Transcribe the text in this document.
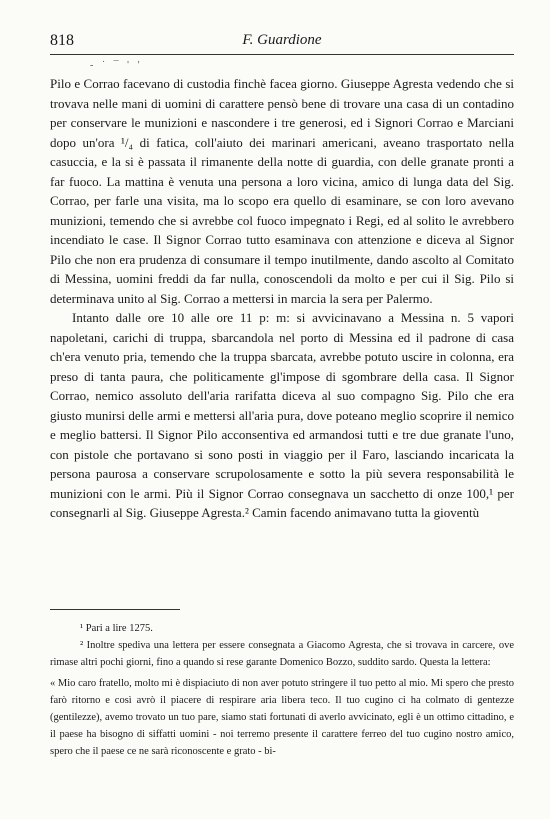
818	F. Guardione
- ˙ ¯ ' ʹ

Pilo e Corrao facevano di custodia finchè facea giorno. Giuseppe Agresta vedendo che si trovava nelle mani di uomini di carattere pensò bene di trovare una casa di un contadino per conservare le munizioni e nascondere i tre generosi, ed i Signori Corrao e Marciani dopo un'ora ¹/₄ di fatica, coll'aiuto dei marinari americani, aveano trasportato nella casuccia, e la si è passata il rimanente della notte di guardia, con delle granate pronti a far fuoco. La mattina è venuta una persona a loro vicina, amico di lunga data del Sig. Corrao, per farle una visita, ma lo scopo era quello di esaminare, se con loro avevano munizioni, temendo che si avrebbe col fuoco impegnato i Regi, ed al solito le avrebbero incendiato le case. Il Signor Corrao tutto esaminava con attenzione e diceva al Signor Pilo che non era prudenza di consumare il tempo inutilmente, dando ascolto al Comitato di Messina, uomini freddi da far nulla, conoscendoli da molto e per cui il Sig. Pilo si determinava unito al Sig. Corrao a mettersi in marcia la sera per Palermo.

Intanto dalle ore 10 alle ore 11 p: m: si avvicinavano a Messina n. 5 vapori napoletani, carichi di truppa, sbarcandola nel porto di Messina ed il padrone di casa ch'era venuto pria, temendo che la truppa sbarcata, avrebbe potuto uscire in colonna, era preso di tanta paura, che politicamente gl'impose di sgombrare della casa. Il Signor Corrao, nemico assoluto dell'aria rarifatta diceva al suo compagno Sig. Pilo che era giusto munirsi delle armi e mettersi all'aria pura, dove poteano meglio scoprire il nemico e meglio battersi. Il Signor Pilo acconsentiva ed armandosi tutti e tre due granate l'uno, con pistole che portavano si sono posti in viaggio per il Faro, lasciando incaricata la persona paurosa a conservare scrupolosamente e sotto la più severa responsabilità le munizioni con le armi. Più il Signor Corrao consegnava un sacchetto di onze 100,¹ per consegnarli al Sig. Giuseppe Agresta.² Camin facendo animavano tutta la gioventù

¹ Pari a lire 1275.

² Inoltre spediva una lettera per essere consegnata a Giacomo Agresta, che si trovava in carcere, ove rimase altri pochi giorni, fino a quando si rese garante Domenico Bozzo, suddito sardo. Questa la lettera:

« Mio caro fratello, molto mi è dispiaciuto di non aver potuto stringere il tuo petto al mio. Mi spero che presto farò ritorno e così avrò il piacere di respirare aria libera teco. Il tuo cugino ci ha colmato di gentezze (gentilezze), avemo trovato un tuo pare, siamo stati fortunati di averlo avvicinato, egli è un ottimo cittadino, e il paese ha bisogno di siffatti uomini - noi terremo presente il carattere ferreo del tuo cugino nostro amico, spero che il paese ce ne sarà riconoscente e grato - bi-
